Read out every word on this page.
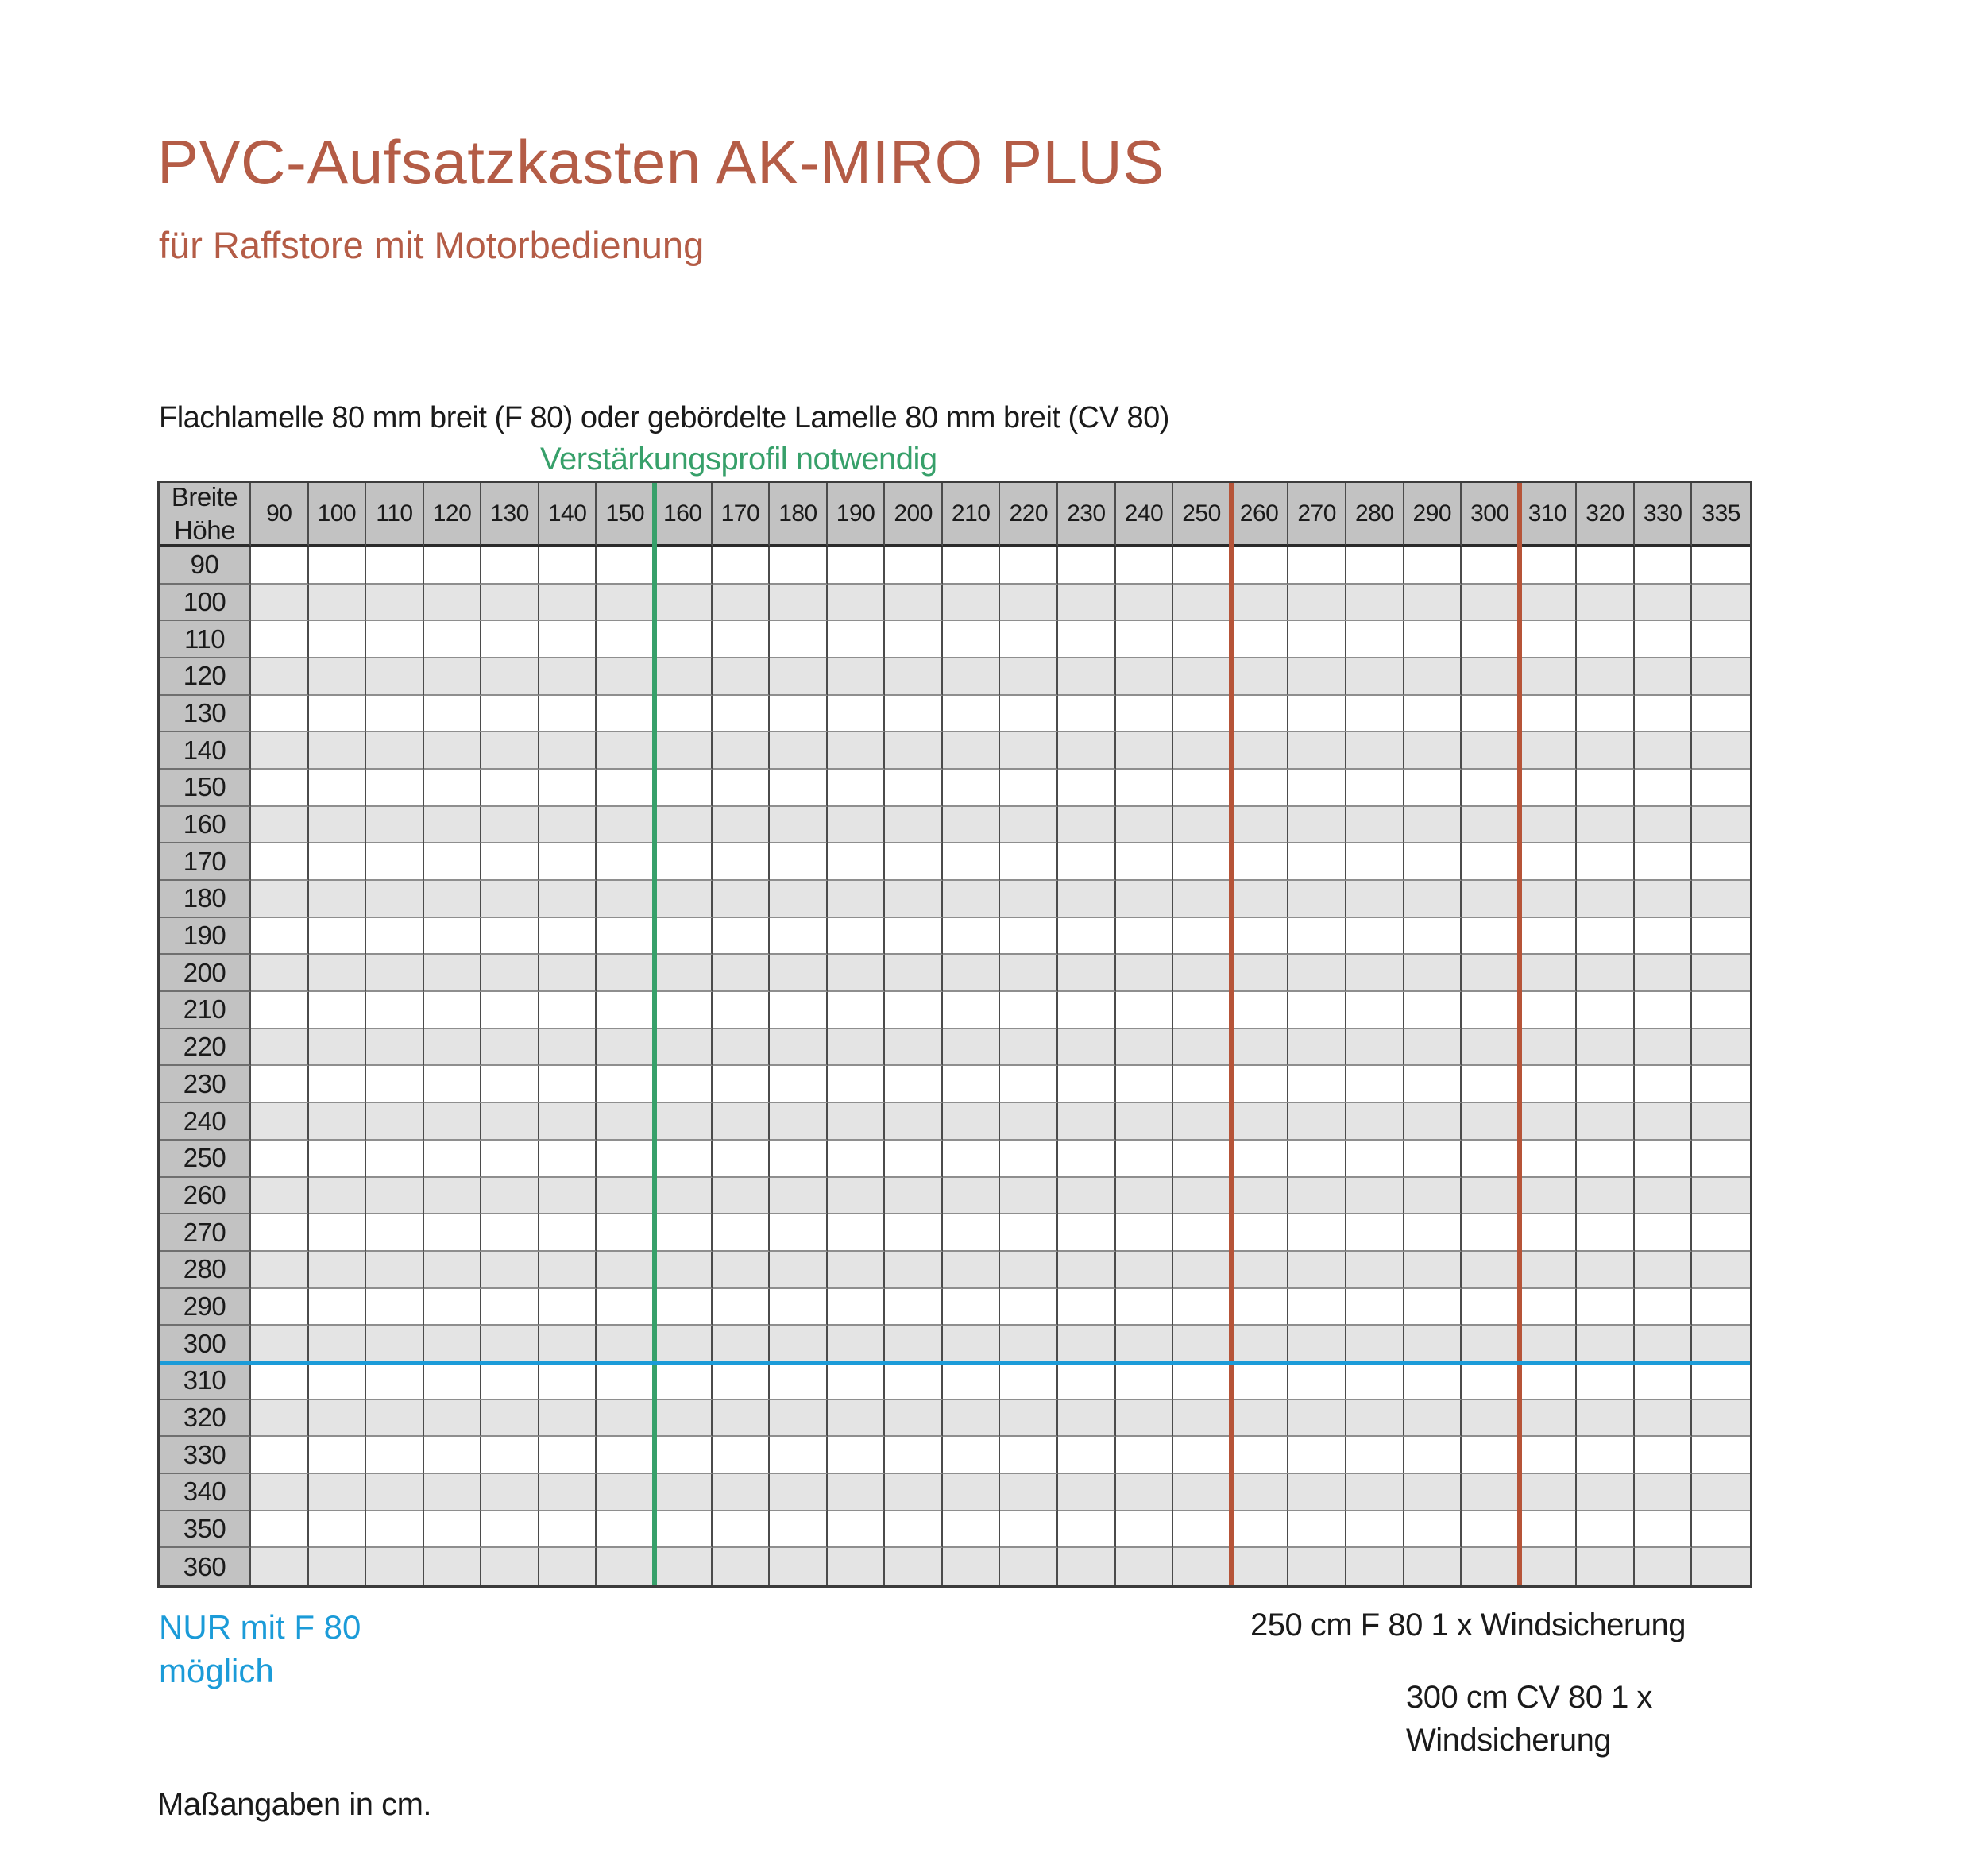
PVC-Aufsatzkasten AK-MIRO PLUS
für Raffstore mit Motorbedienung
Flachlamelle 80 mm breit (F 80) oder gebördelte Lamelle 80 mm breit (CV 80)
Verstärkungsprofil notwendig
Breite
Höhe
90	100 110 120 130 140 150 160 170 180 190 200 210 220 230 240 250 260 270 280 290 300 310 320 330 335
90
100
110
120
130
140
150
160
170
180
190
200
210
220
230
240
250
260
270
280
290
300
310
320
330
340
350
360
NUR mit F 80
möglich
250 cm F 80 1 x Windsicherung
300 cm CV 80 1 x
Windsicherung
Maßangaben in cm.
